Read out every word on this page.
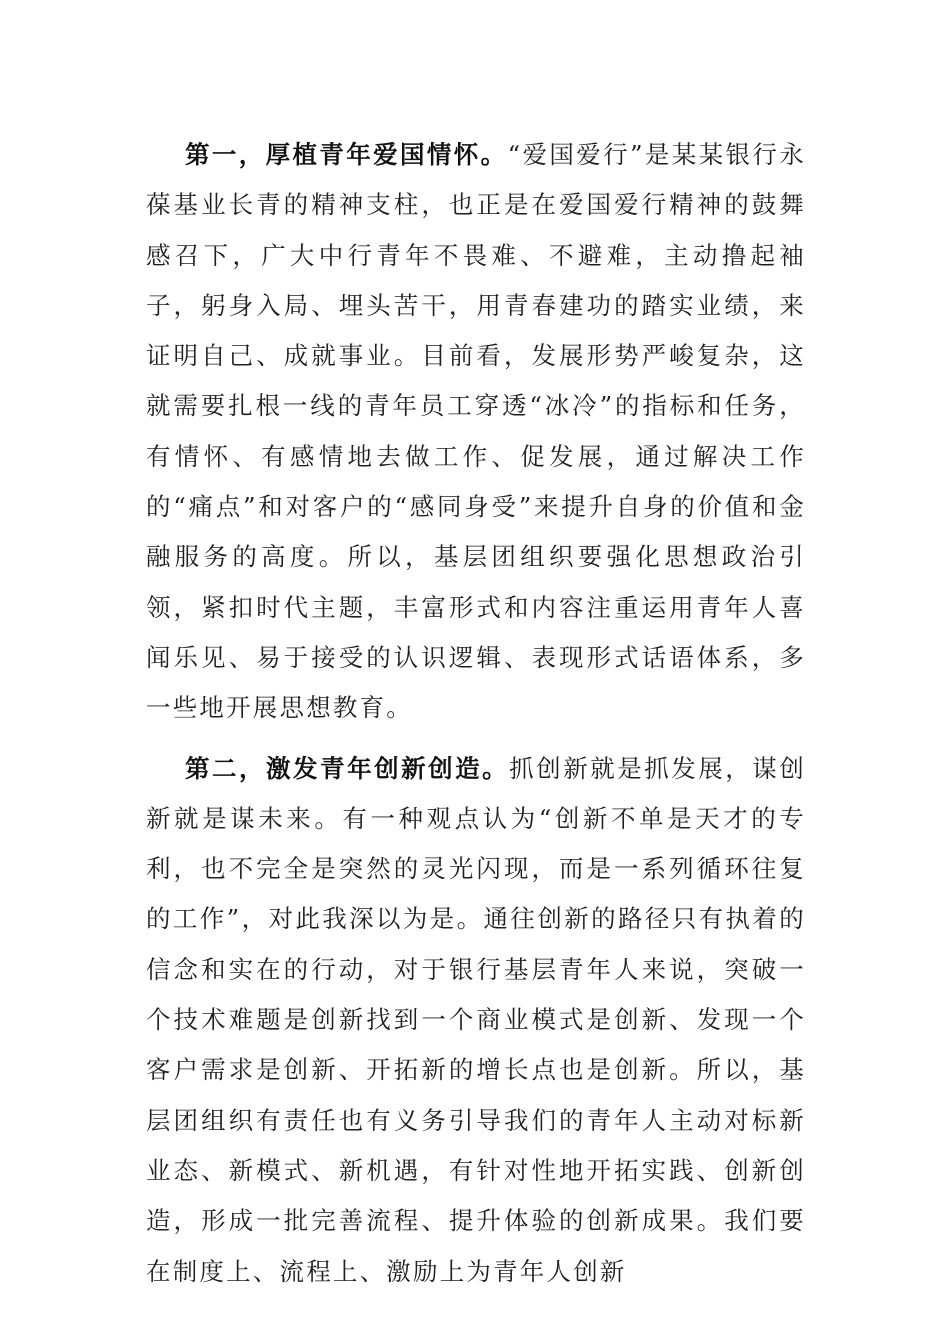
第一，厚植青年爱国情怀。“爱国爱行”是某某银行永葆基业长青的精神支柱，也正是在爱国爱行精神的鼓舞感召下，广大中行青年不畏难、不避难，主动撸起袖子，躬身入局、埋头苦干，用青春建功的踏实业绩，来证明自己、成就事业。目前看，发展形势严峻复杂，这就需要扎根一线的青年员工穿透“冰冷”的指标和任务，有情怀、有感情地去做工作、促发展，通过解决工作的“痛点”和对客户的“感同身受”来提升自身的价值和金融服务的高度。所以，基层团组织要强化思想政治引领，紧扣时代主题，丰富形式和内容注重运用青年人喜闻乐见、易于接受的认识逻辑、表现形式话语体系，多一些地开展思想教育。

第二，激发青年创新创造。抓创新就是抓发展，谋创新就是谋未来。有一种观点认为“创新不单是天才的专利，也不完全是突然的灵光闪现，而是一系列循环往复的工作”，对此我深以为是。通往创新的路径只有执着的信念和实在的行动，对于银行基层青年人来说，突破一个技术难题是创新找到一个商业模式是创新、发现一个客户需求是创新、开拓新的增长点也是创新。所以，基层团组织有责任也有义务引导我们的青年人主动对标新业态、新模式、新机遇，有针对性地开拓实践、创新创造，形成一批完善流程、提升体验的创新成果。我们要在制度上、流程上、激励上为青年人创新
